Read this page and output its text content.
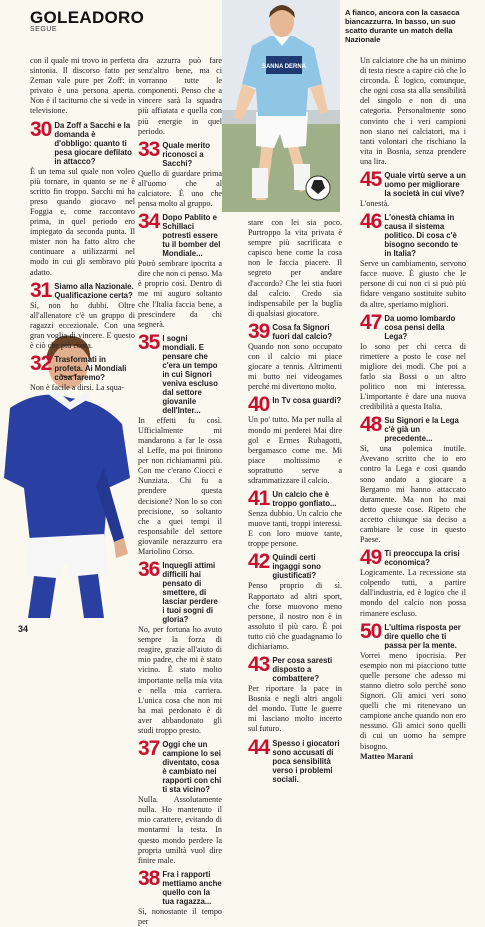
GOLEADORO
SEGUE
A fianco, ancora con la casacca biancazzurra. In basso, un suo scatto durante un match della Nazionale
SANNA DERNA

con il quale mi trovo in perfetta sintonia. Il discorso fatto per Zeman vale pure per Zoff: in privato è una persona aperta. Non è il taciturno che si vede in televisione.

30 Da Zoff a Sacchi e la domanda è d'obbligo: quanto ti pesa giocare defilato in attacco?

È un tema sul quale non voleo più tornare, in quanto se ne è scritto fin troppo. Sacchi mi ha preso quando giocavo nel Foggia e, come raccontavo prima, in quel periodo ero impiegato da seconda punta. Il mister non ha fatto altro che continuare a utilizzarmi nel modo in cui gli sembravo più adatto.

31 Siamo alla Nazionale. Qualificazione certa?

Sì, non ho dubbi. Oltre all'allenatore c'è un gruppo di ragazzi eccezionale. Con una gran voglia di vincere. E questo è ciò che più conta.

32 Trasformati in profeta. Ai Mondiali cosa faremo?

Non è facile a dirsi. La squa-

dra azzurra può fare senz'altro bene, ma ci vorranno tutte le componenti. Penso che a vincere sarà la squadra più affiatata e quella con più energie in quel periodo.

33 Quale merito riconosci a Sacchi?

Quello di guardare prima all'uomo che al calciatore. È uno che pensa molto al gruppo.

34 Dopo Pablito e Schillaci potresti essere tu il bomber del Mondiale...

Potrò sembrare ipocrita a dire che non ci penso. Ma è proprio così. Dentro di me mi auguro soltanto che l'Italia faccia bene, a prescindere da chi segnerà.

35 I sogni mondiali. E pensare che c'era un tempo in cui Signori veniva escluso dal settore giovanile dell'Inter...

In effetti fu così. Ufficialmente mi mandarono a far le ossa al Leffe, ma poi finirono per non richiamarmi più. Con me c'erano Ciocci e Nunziata. Chi fu a prendere questa decisione? Non lo so con precisione, so soltanto che a quei tempi il responsabile del settore giovanile nerazzurro era Mariolino Corso.

36 Inquegli attimi difficili hai pensato di smettere, di lasciar perdere i tuoi sogni di gloria?

No, per fortuna ho avuto sempre la forza di reagire, grazie all'aiuto di mio padre, che mi è stato vicino. È stato molto importante nella mia vita e nella mia carriera. L'unica cosa che non mi ha mai perdonato è di aver abbandonato gli studi troppo presto.

37 Oggi che un campione lo sei diventato, cosa è cambiato nei rapporti con chi ti sta vicino?

Nulla. Assolutamente nulla. Ho mantenuto il mio carattere, evitando di montarmi la testa. In questo mondo perdere la propria umiltà vuol dire finire male.

38 Fra i rapporti mettiamo anche quello con la tua ragazza...

Sì, nonostante il tempo per

stare con lei sia poco. Purtroppo la vita privata è sempre più sacrificata e capisco bene come la cosa non le faccia piacere. Il segreto per andare d'accordo? Che lei stia fuori dal calcio. Credo sia indispensabile per la buglia di qualsiasi giocatore.

39 Cosa fa Signori fuori dal calcio?

Quando non sono occupato con il calcio mi piace giocare a tennis. Altrimenti mi butto nei videogames perché mi divertono molto.

40 In Tv cosa guardi?

Un po' tutto. Ma per nulla al mondo mi perderei Mai dire gol e Ermes Rubagotti, bergamasco come me. Mi piace moltissimo e soprattutto serve a sdrammatizzare il calcio.

41 Un calcio che è troppo gonfiato...

Senza dubbio. Un calcio che muove tanti, troppi interessi. E con loro muove tante, troppe persone.

42 Quindi certi ingaggi sono giustificati?

Penso proprio di sì. Rapportato ad altri sport, che forse muovono meno persone, il nostro non è in assoluto il più caro. È poi tutto ciò che guadagnamo lo dichiariamo.

43 Per cosa saresti disposto a combattere?

Per riportare la pace in Bosnia e negli altri angoli del mondo. Tutte le guerre mi lasciano molto incerto sul futuro.

44 Spesso i giocatori sono accusati di poca sensibilità verso i problemi sociali.

Un calciatore che ha un minimo di testa riesce a capire ciò che lo circonda. È logico, comunque, che ogni cosa sta alla sensibilità del singolo e non di una categoria. Personalmente sono convinto che i veri campioni non siano nei calciatori, ma i tanti volontari che rischiano la vita in Bosnia, senza prendere una lira.

45 Quale virtù serve a un uomo per migliorare la società in cui vive?

L'onestà.

46 L'onestà chiama in causa il sistema politico. Di cosa c'è bisogno secondo te in Italia?

Serve un cambiamento, servono facce nuove. È giusto che le persone di cui non ci si può più fidare vengano sostituite subito da altre, speriamo migliori.

47 Da uomo lombardo cosa pensi della Lega?

Io sono per chi cerca di rimettere a posto le cose nel migliore dei modi. Che poi a farlo sia Bossi o un altro politico non mi interessa. L'importante è dare una nuova credibilità a questa Italia.

48 Su Signori e la Lega c'è già un precedente...

Sì, una polemica inutile. Avevano scritto che io ero contro la Lega e così quando sono andato a giocare a Bergamo mi hanno attaccato duramente. Ma non ho mai detto queste cose. Ripeto che accetto chiunque sia deciso a cambiare le cose in questo Paese.

49 Ti preoccupa la crisi economica?

Logicamente. La recessione sta colpendo tutti, a partire dall'industria, ed è logico che il mondo del calcio non possa rimanere escluso.

50 L'ultima risposta per dire quello che ti passa per la mente.

Vorrei meno ipocrisia. Per esempio non mi piacciono tutte quelle persone che adesso mi stanno dietro solo perché sono Signori. Gli amici veri sono quelli che mi ritenevano un campione anche quando non ero nessuno. Gli amici sono quelli di cui un uomo ha sempre bisogno.

Matteo Marani

34
